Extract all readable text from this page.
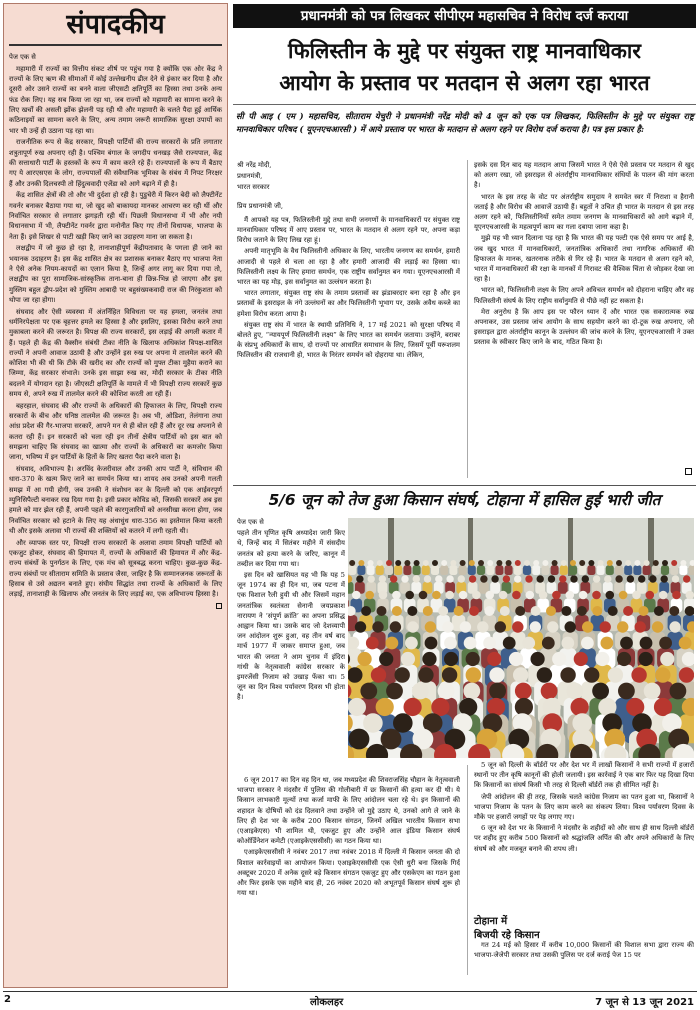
संपादकीय

पेज एक से

महामारी में राज्यों का वित्तीय संकट शीर्ष पर पहुंच गया है क्योंकि एक ओर केंद्र ने राज्यों के लिए ऋण की सीमाओं में कोई उल्लेखनीय ढील देने से इंकार कर दिया है और दूसरी ओर उसने राज्यों का बनने वाला जीएसटी क्षतिपूर्ति का हिस्सा तथा उनके अन्य फंड रोक लिए। यह सब किया जा रहा था, जब राज्यों को महामारी का सामना करने के लिए खर्चों की असली झोंक झेलनी पड़ रही थी और महामारी के चलते पैदा हुई आर्थिक कठिनाइयों का सामना करने के लिए, अन्य तमाम जरूरी सामाजिक सुरक्षा उपायों का भार भी उन्हें ही उठाना पड़ रहा था।

राजनीतिक रूप से केंद्र सरकार, विपक्षी पार्टियों की राज्य सरकारों के प्रति लगातार शत्रुतापूर्ण रुख अपनाए रही है। पश्चिम बंगाल के जगदीप धनखड़ जैसे राज्यपाल, केंद्र की सत्ताधारी पार्टी के हस्तकों के रूप में काम करते रहे हैं। राज्यपालों के रूप में बैठाए गए ये आरएसएस के लोग, राज्यपालों की संवैधानिक भूमिका के संबंध में निपट निरक्षर हैं और उनकी दिलचस्पी तो हिंदुत्ववादी एजेंडा को आगे बढ़ाने में ही है।

केंद्र शासित क्षेत्रों की तो और भी दुर्दशा हो रही है। पुडुचेरी में किरन बेदी को लैफ्टीनेंट गवर्नर बनाकर बैठाया गया था, जो खुद को बाकायदा मानकर आचरण कर रही थीं और निर्वाचित सरकार से लगातार झगड़ती रही थीं। पिछली विधानसभा में भी और नयी विधानसभा में भी, लैफ्टीनेंट गवर्नर द्वारा मनोनीत किए गए तीनों विधायक, भाजपा के नेता हैं। इसे शिखर से पाटी खड़ी किए जाने का उदाहरण माना जा सकता है।

लक्षद्वीप में जो कुछ हो रहा है, तानाशाहीपूर्ण केंद्रीयतावाद के पगला ही जाने का भयानक उदाहरण है। इस केंद्र शासित क्षेत्र का प्रशासक बनाकर बैठाए गए भाजपा नेता ने ऐसे अनेक नियम-कायदों का एलान किया है, जिन्हें अगर लागू कर दिया गया तो, लक्षद्वीप का पूरा सामाजिक-सांस्कृतिक ताना-बाना ही छिन्न-भिन्न हो जाएगा और इस मुस्लिम बहुल द्वीप-प्रदेश को मुस्लिम आबादी पर बहुसंख्यकवादी राज की निरंकुशता को थोपा जा रहा होगा।

संघवाद और ऐसी व्यवस्था में अंतर्निहित विविधता पर यह हमला, जनतंत्र तथा धर्मनिरपेक्षता पर एक बृहत्तर हमले का हिस्सा है और इसलिए, इसका विरोध करने तथा मुकाबला करने की जरूरत है। विपक्ष की राज्य सरकारों, इस लड़ाई की अगली कतार में हैं। पहले ही केंद्र की वैक्सीन संबंधी टीका नीति के खिलाफ अधिकांश विपक्ष-शासित राज्यों ने अपनी आवाज उठायी है और उन्होंने इस रुख पर अपना मे तालमेल करने की कोशिश भी की थी कि टीके की खरीद का और राज्यों को मुफ्त टीका मुहैया कराने का जिम्मा, केंद्र सरकार संभाले। उनके इस साझा रुख का, मोदी सरकार के टीका नीति बदलने में योगदान रहा है। जीएसटी क्षतिपूर्ति के मामले में भी विपक्षी राज्य सरकारें कुछ समय से, अपने रुख में तालमेल करने की कोशिश करती आ रही हैं।

बहरहाल, संघवाद की और राज्यों के अधिकारों की हिफाजत के लिए, विपक्षी राज्य सरकारों के बीच और घनिष्ठ तालमेल की जरूरत है। अब भी, ओडिशा, तेलंगाना तथा आंध्र प्रदेश की गैर-भाजपा सरकारें, आपने मन से ही बोल रही हैं और दूर रख अपनाने से कतरा रही हैं। इन सरकारों को चला रही इन तीनों क्षेत्रीय पार्टियों को इस बात को समझना चाहिए कि संघवाद का खात्मा और राज्यों के अधिकारों का कमजोर किया जाना, भविष्य में इन पार्टियों के हितों के लिए खतरा पैदा करने वाला है।

संघवाद, अविभाज्य है। अरविंद केजरीवाल और उनकी आप पार्टी ने, संविधान की धारा-370 के खत्म किए जाने का समर्थन किया था। शायद अब उनको अपनी गलती समझ में आ गयी होगी, जब उनकी ने संशोधन कर के दिल्ली को एक आईवरपूर्ण म्युनिसिपैल्टी बनाकर रख दिया गया है। इसी प्रकार कोविड को, जिसकी सरकारें अब इस हमले को मार झेल रही हैं, अपनी पहले की कारगुजारियों को अनसीखा करना होगा, जब निर्वाचित सरकार को हटाने के लिए यह अंधाधुंध धारा-356 का इस्तेमाल किया करती थी और इसके अलावा भी राज्यों की शक्तियों को कतरने में लगी रहती थी।

और व्यापक स्तर पर, विपक्षी राज्य सरकारों के अलावा तमाम विपक्षी पार्टियों को एकजुट होकर, संघवाद की हिमायत में, राज्यों के अधिकारों की हिमायत में और केंद्र-राज्य संबंधों के पुनर्गठन के लिए, एक मंच को सूत्रबद्ध करना चाहिए। कुछ-कुछ केंद्र-राज्य संबंधों पर सीताराम समिति के प्रस्ताव जैसा, जाहिर है कि सम्मानजनक जरूरतों के हिसाब से उसे अद्यतन बनाते हुए। संघीय सिद्धांत तथा राज्यों के अधिकारों के लिए लड़ाई, तानाशाही के खिलाफ और जनतंत्र के लिए लड़ाई का, एक अविभाज्य हिस्सा है।

प्रधानमंत्री को पत्र लिखकर सीपीएम महासचिव ने विरोध दर्ज कराया
फिलिस्तीन के मुद्दे पर संयुक्त राष्ट्र मानवाधिकार
आयोग के प्रस्ताव पर मतदान से अलग रहा भारत

सी पी आइ ( एम ) महासचिव, सीताराम येचुरी ने प्रधानमंत्री नरेंद्र मोदी को 4 जून को एक पत्र लिखकर, फिलिस्तीन के मुद्दे पर संयुक्त राष्ट्र मानवाधिकार परिषद ( यूएनएचआरसी ) में आये प्रस्ताव पर भारत के मतदान से अलग रहने पर विरोध दर्ज कराया है। पत्र इस प्रकार है:

श्री नरेंद्र मोदी,

प्रधानमंत्री,

भारत सरकार

प्रिय प्रधानमंत्री जी,

मैं आपको यह पत्र, फिलिस्तीनी मुद्दे तथा सभी जनगणों के मानवाधिकारों पर संयुक्त राष्ट्र मानवाधिकार परिषद में आए प्रस्ताव पर, भारत के मतदान से अलग रहने पर, अपना कड़ा विरोध जताने के लिए लिख रहा हूं।

अपनी मातृभूमि के वैध फिलिस्तीनी अधिकार के लिए, भारतीय जनगण का समर्थन, हमारी आजादी से पहले से चला आ रहा है और हमारी आजादी की लड़ाई का हिस्सा था। फिलिस्तीनी लक्ष्य के लिए हमारा समर्थन, एक राष्ट्रीय सर्वानुमत बन गया। यूएनएचआरसी में भारत का यह मोड़, इस सर्वानुमत का उल्लंघन करता है।

भारत लगातार, संयुक्त राष्ट्र संघ के तमाम प्रस्तावों का झंडाबरदार बना रहा है और इन प्रस्तावों के इसराइल के नंगे उल्लंघनों का और फिलिस्तीनी भूभाग पर, उसके अवैध कब्जे का हमेशा विरोध करता आया है।

संयुक्त राष्ट्र संघ में भारत के स्थायी प्रतिनिधि ने, 17 मई 2021 को सुरक्षा परिषद में बोलते हुए, “न्यायपूर्ण फिलिस्तीनी लक्ष्य” के लिए भारत का समर्थन जताया। उन्होंने, बराबर के संप्रभु अधिकारों के साथ, दो राज्यों पर आधारित समाधान के लिए, जिसमें पूर्वी यरूशलम फिलिस्तीन की राजधानी हो, भारत के निरंतर समर्थन को दोहराया था। लेकिन,

इसके दस दिन बाद यह मतदान आया जिसमें भारत ने ऐसे ऐसे प्रस्ताव पर मतदान से खुद को अलग रखा, जो इसराइल से अंतर्राष्ट्रीय मानवाधिकार संधियों के पालन की मांग करता है।

भारत के इस तरह के वोट पर अंतर्राष्ट्रीय समुदाय ने समवेत स्वर में निराशा व हैरानी जताई है और विरोध की आवाजें उठायी हैं। बहुतों ने उचित ही भारत के मतदान से इस तरह अलग रहने को, फिलिस्तीनियों समेत तमाम जनगण के मानवाधिकारों को आगे बढ़ाने में, यूएनएचआरसी के महत्वपूर्ण काम का गला दबाया जाना कहा है।

मुझे यह भी ध्यान दिलाना पड़ रहा है कि भारत की यह पल्टी एक ऐसे समय पर आई है, जब खुद भारत में मानवाधिकारों, जनतांत्रिक अधिकारों तथा नागरिक अधिकारों की हिफाजत के मानक, खतरनाक तरीके से गिर रहे हैं। भारत के मतदान से अलग रहने को, भारत में मानवाधिकारों की रक्षा के मानकों में गिरावट की वैश्विक चिंता से जोड़कर देखा जा रहा है।

भारत को, फिलिस्तीनी लक्ष्य के लिए अपने अविचल समर्थन को दोहराना चाहिए और वह फिलिस्तीनी संघर्ष के लिए राष्ट्रीय सर्वानुमति से पीछे नहीं हट सकता है।

मेरा अनुरोध है कि आप इस पर फौरन ध्यान दें और भारत एक सकारात्मक रुख अपनाकर, उस प्रस्ताव जांच आयोग के साथ सहयोग करने का दो-टूक रुख अपनाए, जो इसराइल द्वारा अंतर्राष्ट्रीय कानून के उल्लंघन की जांच करने के लिए, यूएनएचआरसी ने उक्त प्रस्ताव के स्वीकार किए जाने के बाद, गठित किया है।

5/6 जून को तेज हुआ किसान संघर्ष, टोहाना में हासिल हुई भारी जीत

पेज एक से

पहले तीन घृणित कृषि अध्यादेश जारी किए थे, जिन्हें बाद में सितंबर महीने में संसदीय जनतंत्र को हत्या करने के जरिए, कानून में तब्दील कर दिया गया था।

इस दिन को खासियत यह भी कि यह 5 जून 1974 का ही दिन था, जब पटना में एक विशाल रैली हुयी थी और जिसमें महान जनतांत्रिक स्वतंत्रता सेनानी जयप्रकाश नारायण ने ‘संपूर्ण क्रांति’ का अपना प्रसिद्ध आह्वान किया था। उसके बाद जो देशव्यापी जन आंदोलन शुरू हुआ, वह तीन वर्ष बाद मार्च 1977 में जाकर समाप्त हुआ, जब भारत की जनता ने आम चुनाव में इंदिरा गांधी के नेतृत्ववाली कांग्रेस सरकार के इमरजेंसी निजाम को उखाड़ फेंका था। 5 जून का दिन विश्व पर्यावरण दिवस भी होता है।

6 जून 2017 का दिन वह दिन था, जब मध्यप्रदेश की शिवराजसिंह चौहान के नेतृत्ववाली भाजपा सरकार ने मंदसौर में पुलिस की गोलीबारी में छः किसानों की हत्या कर दी थी। ये किसान लाभकारी मूल्यों तथा कर्जा माफी के लिए आंदोलन चला रहे थे। इन किसानों की शहादत के दोषियों को दंड दिलवाने तथा उन्होंने जो मुद्दे उठाए थे, उनको आगे ले जाने के लिए ही देश भर के करीब 200 किसान संगठन, जिनमें अखिल भारतीय किसान सभा (एआइकेएस) भी शामिल थी, एकजुट हुए और उन्होंने आल इंडिया किसान संघर्ष कोऑर्डिनेशन कमेटी (एआइकेएससीसी) का गठन किया था।

एआइकेएससीसी ने नवंबर 2017 तथा नवंबर 2018 में दिल्ली में किसान जनता की दो विशाल कार्रवाइयों का आयोजन किया। एआइकेएससीसी एक ऐसी धुरी बना जिसके गिर्द अक्टूबर 2020 में अनेक दूसरे बड़े किसान संगठन एकजुट हुए और एसकेएम का गठन हुआ और फिर इसके एक महीने बाद ही, 26 नवंबर 2020 को अभूतपूर्व किसान संघर्ष शुरू हो गया था।

5 जून को दिल्ली के बॉर्डरों पर और देश भर में लाखों किसानों ने सभी राज्यों में हजारों स्थानों पर तीन कृषि कानूनों की होली जलायी। इस कार्रवाई ने एक बार फिर यह दिखा दिया कि किसानों का संघर्ष किसी भी तरह से दिल्ली बॉर्डरों तक ही सीमित नहीं है।

जेपी आंदोलन की ही तरह, जिसके चलते कांग्रेस निजाम का पतन हुआ था, किसानों ने भाजपा निजाम के पतन के लिए काम करने का संकल्प लिया। विश्व पर्यावरण दिवस के मौके पर हजारों जगहों पर पेड़ लगाए गए।

6 जून को देश भर के किसानों ने मंदसौर के शहीदों को और साथ ही साथ दिल्ली बॉर्डरों पर शहीद हुए करीब 500 किसानों को श्रद्धांजलि अर्पित की और अपने अधिकारों के लिए संघर्ष को और मजबूत बनाने की शपथ ली।

टोहाना में
बिजयी रहे किसान

गत 24 मई को हिसार में करीब 10,000 किसानों की विशाल सभा द्वारा राज्य की भाजपा-जेजेपी सरकार तथा उसकी पुलिस पर दर्ज कराई पेज 15 पर

2	लोकलहर	7 जून से 13 जून 2021
